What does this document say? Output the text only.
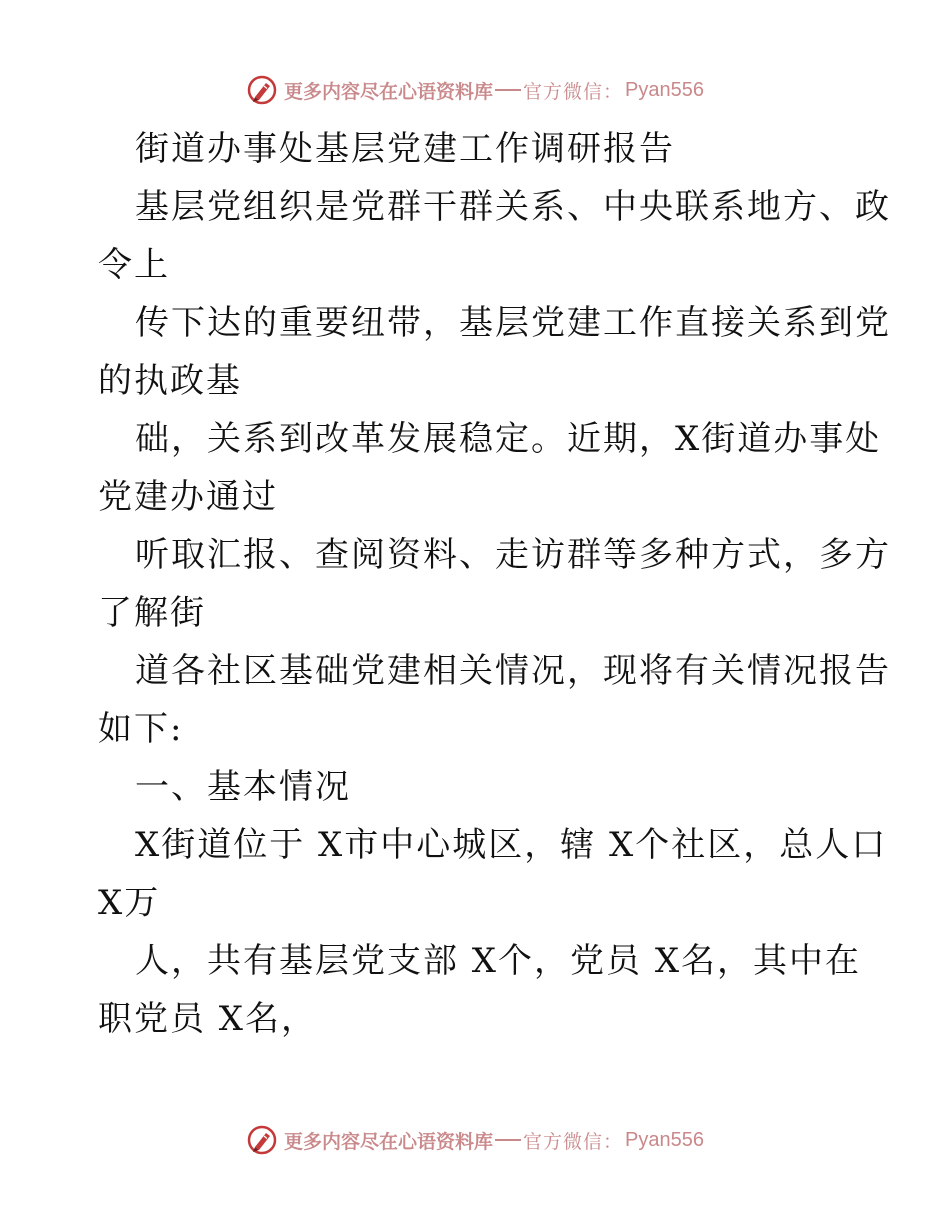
更多内容尽在心语资料库 官方微信： Pyan556
街道办事处基层党建工作调研报告
基层党组织是党群干群关系、中央联系地方、政
令上
传下达的重要纽带，基层党建工作直接关系到党
的执政基
础，关系到改革发展稳定。近期，X街道办事处
党建办通过
听取汇报、查阅资料、走访群等多种方式，多方
了解街
道各社区基础党建相关情况，现将有关情况报告
如下:
一、基本情况
X街道位于 X市中心城区，辖 X个社区，总人口
X万
人，共有基层党支部 X个，党员 X名，其中在
职党员 X名，
更多内容尽在心语资料库 官方微信： Pyan556
